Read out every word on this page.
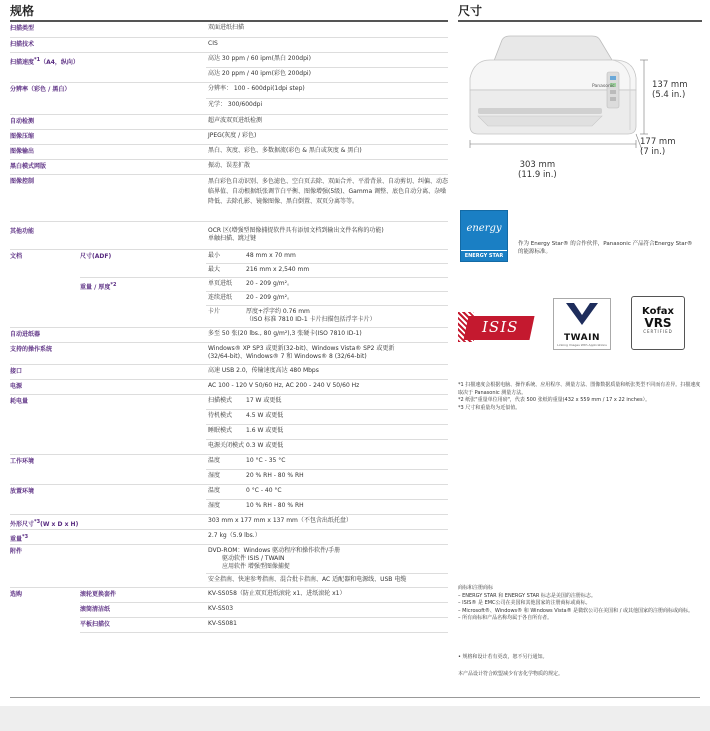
规格
扫描类型		双面进纸扫描	
扫描技术		CIS	
扫描速度$^{*1}$（A4，纵向）		高达 30 ppm / 60 ipm(黑白 200dpi)	
		高达 20 ppm / 40 ipm(彩色 200dpi)	
分辨率（彩色 / 黑白）		分辨率： 100 - 600dpi(1dpi step)	
		光学： 300/600dpi	
自动检测		超声波双页进纸检测	
图像压缩		JPEG(灰度 / 彩色)	
图像输出		黑白、灰度、彩色、多数据流(彩色 & 黑白或灰度 & 黑白)	
黑白模式网版		振动、误差扩散	
图像控制		黑白彩色自动识别、多色滤色、空白页去除、双面合并、平滑背景、自动剪切、纠偏、动态临界值、自动根据纸张调节白平衡、图像增强(5级)、Gamma 调整、底色自动分离、杂噪降低、去除孔影、镜像图像、黑白倒置、双页分离等等。	
其他功能		OCR 区(增强型图像捕捉软件具有添加文档到输出文件名称的功能)
单触扫描、跳过键	
文档	尺寸(ADF)	最小	48 mm x 70 mm
		最大	216 mm x 2,540 mm
	重量 / 厚度$^{*2}$	单页进纸	20 - 209 g/m²。
		连续进纸	20 - 209 g/m²。
		卡片	厚度+浮字约 0.76 mm
（ISO 标准 7810 ID-1 卡片扫描包括浮字卡片）
自动进纸器		多至 50 张(20 lbs., 80 g/m²),3 张硬卡(ISO 7810 ID-1)	
支持的操作系统		Windows® XP SP3 或更新(32-bit)、Windows Vista® SP2 或更新
(32/64-bit)、Windows® 7 和 Windows® 8 (32/64-bit)	
接口		高速 USB 2.0，传输速度高达 480 Mbps	
电源		AC 100 - 120 V 50/60 Hz, AC 200 - 240 V 50/60 Hz	
耗电量		扫描模式	17 W 或更低
		待机模式	4.5 W 或更低
		睡眠模式	1.6 W 或更低
		电源关闭模式	0.3 W 或更低
工作环境		温度	10 °C - 35 °C
		湿度	20 % RH - 80 % RH
放置环境		温度	0 °C - 40 °C
		湿度	10 % RH - 80 % RH
外形尺寸$^{*3}$(W x D x H)		303 mm x 177 mm x 137 mm（不包含出纸托盘）	
重量$^{*3}$		2.7 kg（5.9 lbs.）	
附件		DVD-ROM：Windows 驱动程序和操作软件/手册
驱动软件 ISIS / TWAIN
应用软件 增强型图像捕捉	
		安全指南、快速参考指南、混合批卡指南、AC 适配器和电源线、USB 电缆	
选购	滚轮更换套件	KV-SS058（防止双页进纸滚轮 x1、进纸滚轮 x1）	
	滚筒清洁纸	KV-SS03	
	平板扫描仪	KV-SS081	
尺寸
Panasonic	137 mm
(5.4 in.)
177 mm
(7 in.)
303 mm
(11.9 in.)
energy
ENERGY STAR
作为 Energy Star® 的合作伙伴，Panasonic 产品符合Energy Star® 的能源标准。
ISIS
TWAIN
Linking Images With Applications
Kofax
VRS
CERTIFIED
*1 扫描速度会根据电脑、操作系统、应用程序、测量方法、图像数据质量和纸张类型不同而有差异。扫描速度取决于 Panasonic 测量方法。
*2 纸张"重量单位用磅"，代表 500 张纸的重量(432 x 559 mm / 17 x 22 inches）。
*3 尺寸和重量均为近似值。
商标和注册商标
– ENERGY STAR 和 ENERGY STAR 标志是美国的注册标志。
– ISIS® 是 EMC公司在美国和其他国家的注册商标或商标。
– Microsoft®、Windows® 和 Windows Vista® 是微软公司在美国和 / 或其他国家的注册商标或商标。
– 所有商标和产品名称均属于各自所有者。
• 规格和设计若有更改，恕不另行通知。
本产品设计符合欧盟减少有害化学物质的规定。
